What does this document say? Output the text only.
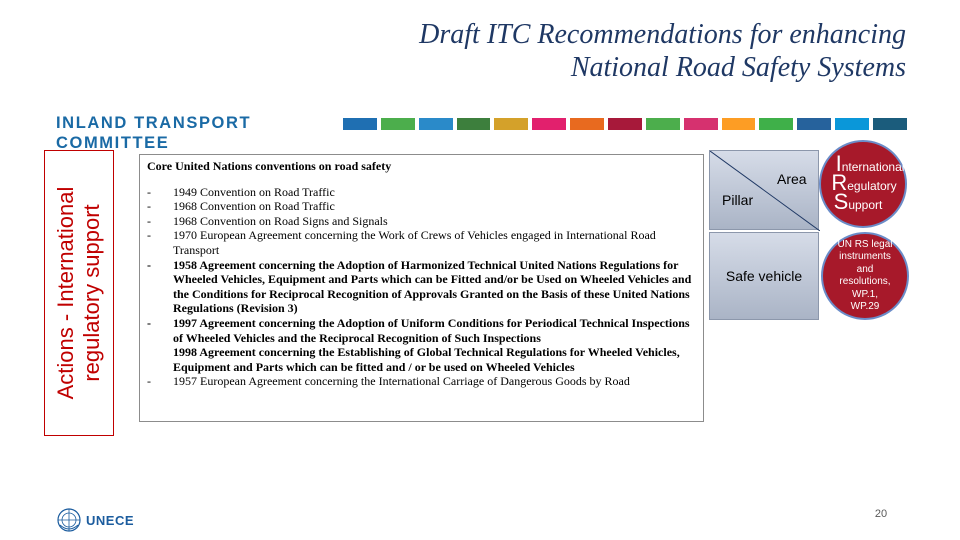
Draft ITC Recommendations for enhancing
National Road Safety Systems
INLAND TRANSPORT
COMMITTEE
Actions - International regulatory support
Core United Nations conventions on road safety
- 1949 Convention on Road Traffic
- 1968 Convention on Road Traffic
- 1968 Convention on Road Signs and Signals
- 1970 European Agreement concerning the Work of Crews of Vehicles engaged in International Road Transport
- 1958 Agreement concerning the Adoption of Harmonized Technical United Nations Regulations for Wheeled Vehicles, Equipment and Parts which can be Fitted and/or be Used on Wheeled Vehicles and the Conditions for Reciprocal Recognition of Approvals Granted on the Basis of these United Nations Regulations (Revision 3)
- 1997 Agreement concerning the Adoption of Uniform Conditions for Periodical Technical Inspections of Wheeled Vehicles and the Reciprocal Recognition of Such Inspections
1998 Agreement concerning the Establishing of Global Technical Regulations for Wheeled Vehicles, Equipment and Parts which can be fitted and / or be used on Wheeled Vehicles
- 1957 European Agreement concerning the International Carriage of Dangerous Goods by Road
Area
Pillar
Safe vehicle
International
Regulatory
Support
UN RS legal
instruments and
resolutions, WP.1,
WP.29
UNECE	20
